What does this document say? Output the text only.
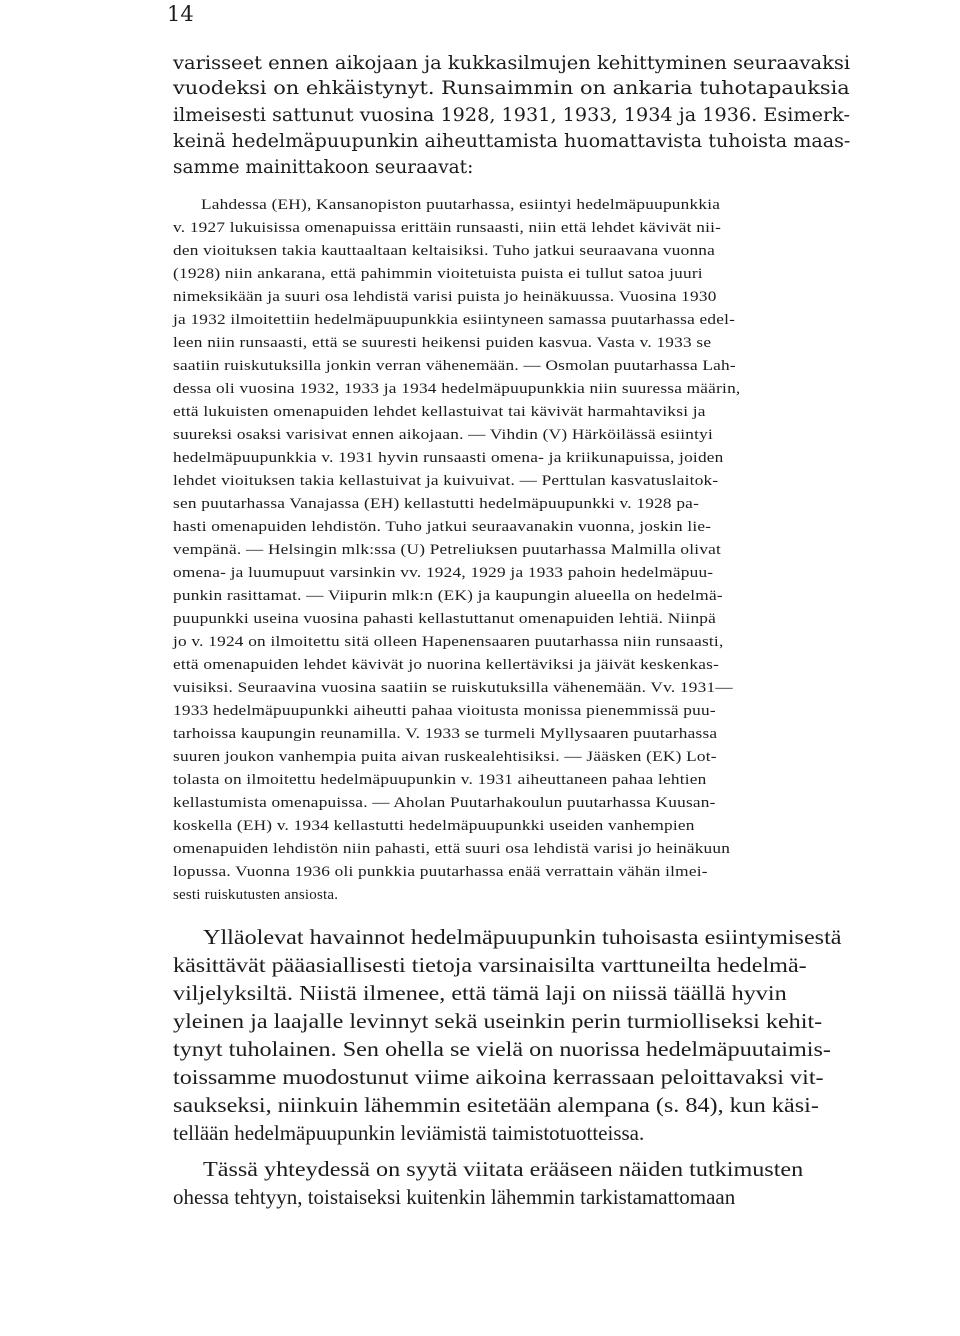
14
varisseet ennen aikojaan ja kukkasilmujen kehittyminen seuraavaksi
vuodeksi on ehkäistynyt. Runsaimmin on ankaria tuhotapauksia
ilmeisesti sattunut vuosina 1928, 1931, 1933, 1934 ja 1936. Esimerk-
keinä hedelmäpuupunkin aiheuttamista huomattavista tuhoista maas-
samme mainittakoon seuraavat:
Lahdessa (EH), Kansanopiston puutarhassa, esiintyi hedelmäpuupunkkia
v. 1927 lukuisissa omenapuissa erittäin runsaasti, niin että lehdet kävivät nii-
den vioituksen takia kauttaaltaan keltaisiksi. Tuho jatkui seuraavana vuonna
(1928) niin ankarana, että pahimmin vioitetuista puista ei tullut satoa juuri
nimeksikään ja suuri osa lehdistä varisi puista jo heinäkuussa. Vuosina 1930
ja 1932 ilmoitettiin hedelmäpuupunkkia esiintyneen samassa puutarhassa edel-
leen niin runsaasti, että se suuresti heikensi puiden kasvua. Vasta v. 1933 se
saatiin ruiskutuksilla jonkin verran vähenemään. — Osmolan puutarhassa Lah-
dessa oli vuosina 1932, 1933 ja 1934 hedelmäpuupunkkia niin suuressa määrin,
että lukuisten omenapuiden lehdet kellastuivat tai kävivät harmahtaviksi ja
suureksi osaksi varisivat ennen aikojaan. — Vihdin (V) Härköilässä esiintyi
hedelmäpuupunkkia v. 1931 hyvin runsaasti omena- ja kriikunapuissa, joiden
lehdet vioituksen takia kellastuivat ja kuivuivat. — Perttulan kasvatuslaitok-
sen puutarhassa Vanajassa (EH) kellastutti hedelmäpuupunkki v. 1928 pa-
hasti omenapuiden lehdistön. Tuho jatkui seuraavanakin vuonna, joskin lie-
vempänä. — Helsingin mlk:ssa (U) Petreliuksen puutarhassa Malmilla olivat
omena- ja luumupuut varsinkin vv. 1924, 1929 ja 1933 pahoin hedelmäpuu-
punkin rasittamat. — Viipurin mlk:n (EK) ja kaupungin alueella on hedelmä-
puupunkki useina vuosina pahasti kellastuttanut omenapuiden lehtiä. Niinpä
jo v. 1924 on ilmoitettu sitä olleen Hapenensaaren puutarhassa niin runsaasti,
että omenapuiden lehdet kävivät jo nuorina kellertäviksi ja jäivät keskenkas-
vuisiksi. Seuraavina vuosina saatiin se ruiskutuksilla vähenemään. Vv. 1931—
1933 hedelmäpuupunkki aiheutti pahaa vioitusta monissa pienemmissä puu-
tarhoissa kaupungin reunamilla. V. 1933 se turmeli Myllysaaren puutarhassa
suuren joukon vanhempia puita aivan ruskealehtisiksi. — Jääsken (EK) Lot-
tolasta on ilmoitettu hedelmäpuupunkin v. 1931 aiheuttaneen pahaa lehtien
kellastumista omenapuissa. — Aholan Puutarhakoulun puutarhassa Kuusan-
koskella (EH) v. 1934 kellastutti hedelmäpuupunkki useiden vanhempien
omenapuiden lehdistön niin pahasti, että suuri osa lehdistä varisi jo heinäkuun
lopussa. Vuonna 1936 oli punkkia puutarhassa enää verrattain vähän ilmei-
sesti ruiskutusten ansiosta.
Ylläolevat havainnot hedelmäpuupunkin tuhoisasta esiintymisestä
käsittävät pääasiallisesti tietoja varsinaisilta varttuneilta hedelmä-
viljelyksiltä. Niistä ilmenee, että tämä laji on niissä täällä hyvin
yleinen ja laajalle levinnyt sekä useinkin perin turmiolliseksi kehit-
tynyt tuholainen. Sen ohella se vielä on nuorissa hedelmäpuutaimis-
toissamme muodostunut viime aikoina kerrassaan peloittavaksi vit-
saukseksi, niinkuin lähemmin esitetään alempana (s. 84), kun käsi-
tellään hedelmäpuupunkin leviämistä taimistotuotteissa.
Tässä yhteydessä on syytä viitata erääseen näiden tutkimusten
ohessa tehtyyn, toistaiseksi kuitenkin lähemmin tarkistamattomaan
